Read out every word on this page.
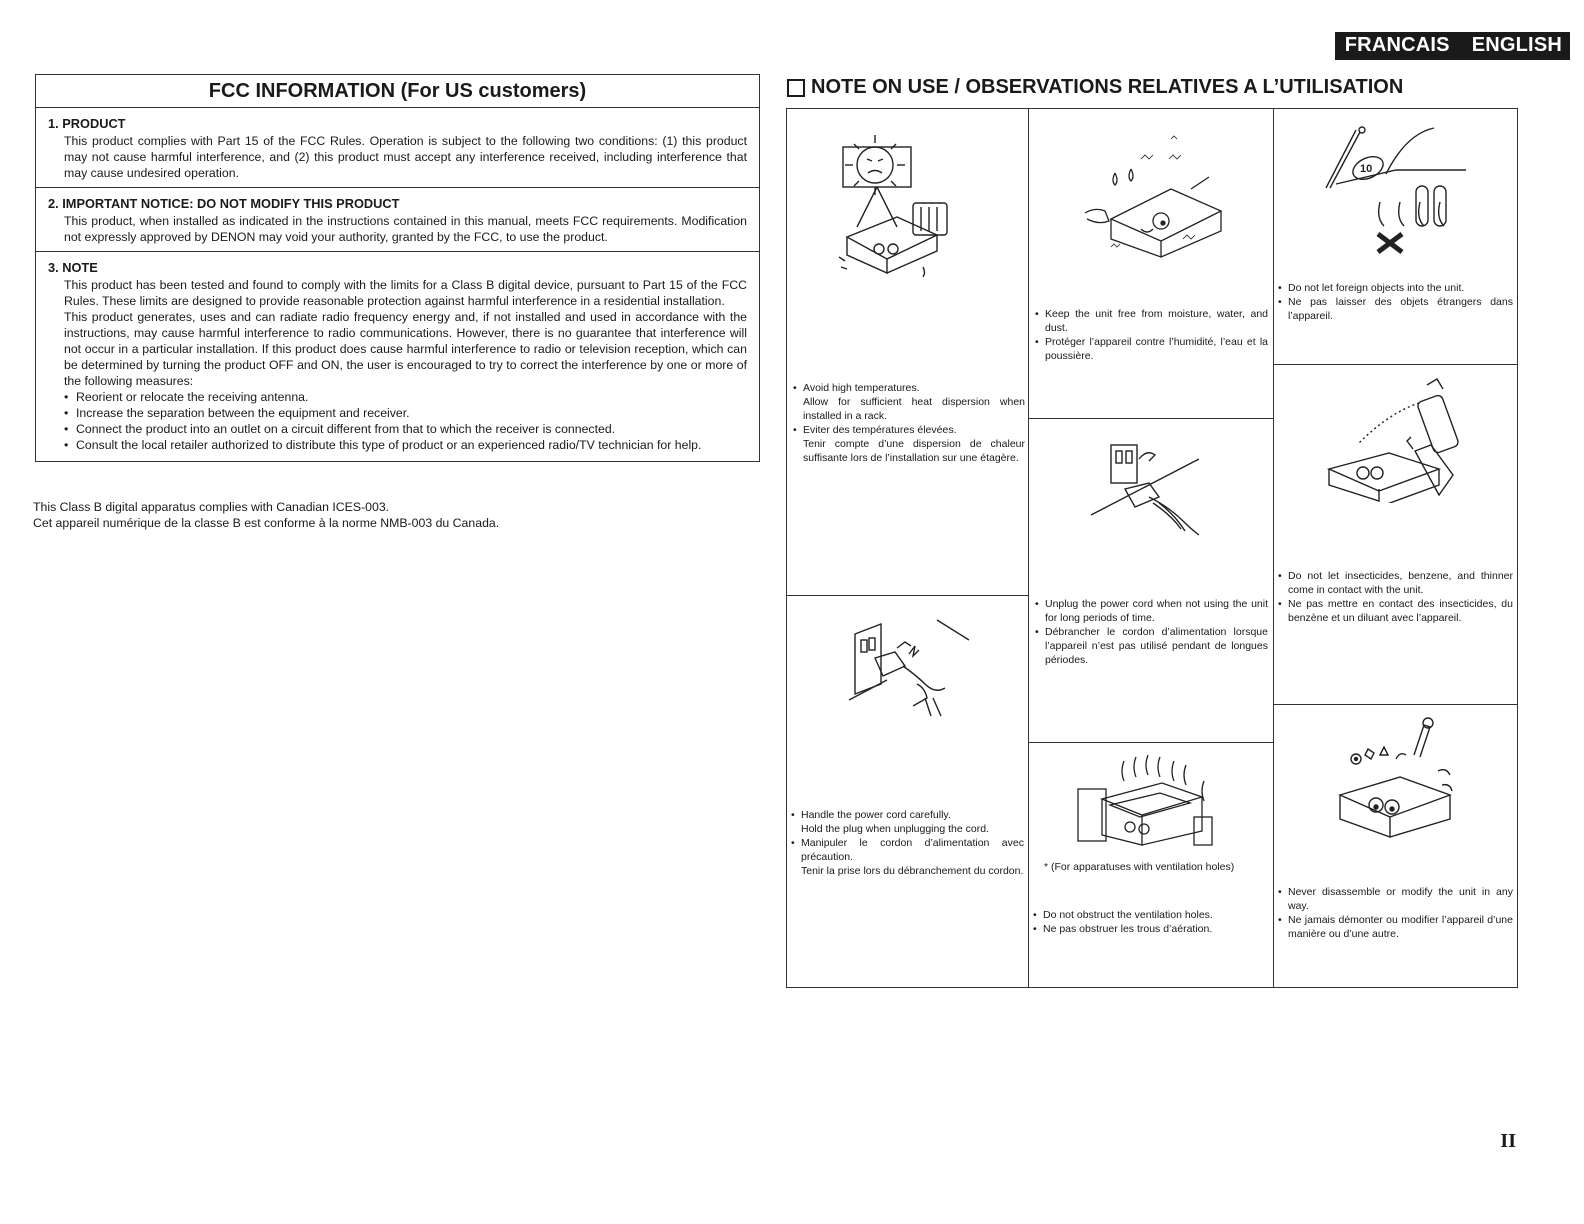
FRANCAIS ENGLISH
FCC INFORMATION (For US customers)
1. PRODUCT
This product complies with Part 15 of the FCC Rules. Operation is subject to the following two conditions: (1) this product may not cause harmful interference, and (2) this product must accept any interference received, including interference that may cause undesired operation.
2. IMPORTANT NOTICE: DO NOT MODIFY THIS PRODUCT
This product, when installed as indicated in the instructions contained in this manual, meets FCC requirements. Modification not expressly approved by DENON may void your authority, granted by the FCC, to use the product.
3. NOTE
This product has been tested and found to comply with the limits for a Class B digital device, pursuant to Part 15 of the FCC Rules. These limits are designed to provide reasonable protection against harmful interference in a residential installation.
This product generates, uses and can radiate radio frequency energy and, if not installed and used in accordance with the instructions, may cause harmful interference to radio communications. However, there is no guarantee that interference will not occur in a particular installation. If this product does cause harmful interference to radio or television reception, which can be determined by turning the product OFF and ON, the user is encouraged to try to correct the interference by one or more of the following measures:
• Reorient or relocate the receiving antenna.
• Increase the separation between the equipment and receiver.
• Connect the product into an outlet on a circuit different from that to which the receiver is connected.
• Consult the local retailer authorized to distribute this type of product or an experienced radio/TV technician for help.
This Class B digital apparatus complies with Canadian ICES-003.
Cet appareil numérique de la classe B est conforme à la norme NMB-003 du Canada.
NOTE ON USE / OBSERVATIONS RELATIVES A L’UTILISATION
• Avoid high temperatures.
Allow for sufficient heat dispersion when installed in a rack.
• Eviter des températures élevées.
Tenir compte d’une dispersion de chaleur suffisante lors de l’installation sur une étagère.
• Handle the power cord carefully.
Hold the plug when unplugging the cord.
• Manipuler le cordon d’alimentation avec précaution.
Tenir la prise lors du débranchement du cordon.
• Keep the unit free from moisture, water, and dust.
• Protéger l’appareil contre l’humidité, l’eau et la poussière.
• Unplug the power cord when not using the unit for long periods of time.
• Débrancher le cordon d’alimentation lorsque l’appareil n’est pas utilisé pendant de longues périodes.
* (For apparatuses with ventilation holes)
• Do not obstruct the ventilation holes.
• Ne pas obstruer les trous d’aération.
10
• Do not let foreign objects into the unit.
• Ne pas laisser des objets étrangers dans l’appareil.
• Do not let insecticides, benzene, and thinner come in contact with the unit.
• Ne pas mettre en contact des insecticides, du benzène et un diluant avec l’appareil.
• Never disassemble or modify the unit in any way.
• Ne jamais démonter ou modifier l’appareil d’une manière ou d’une autre.
II
